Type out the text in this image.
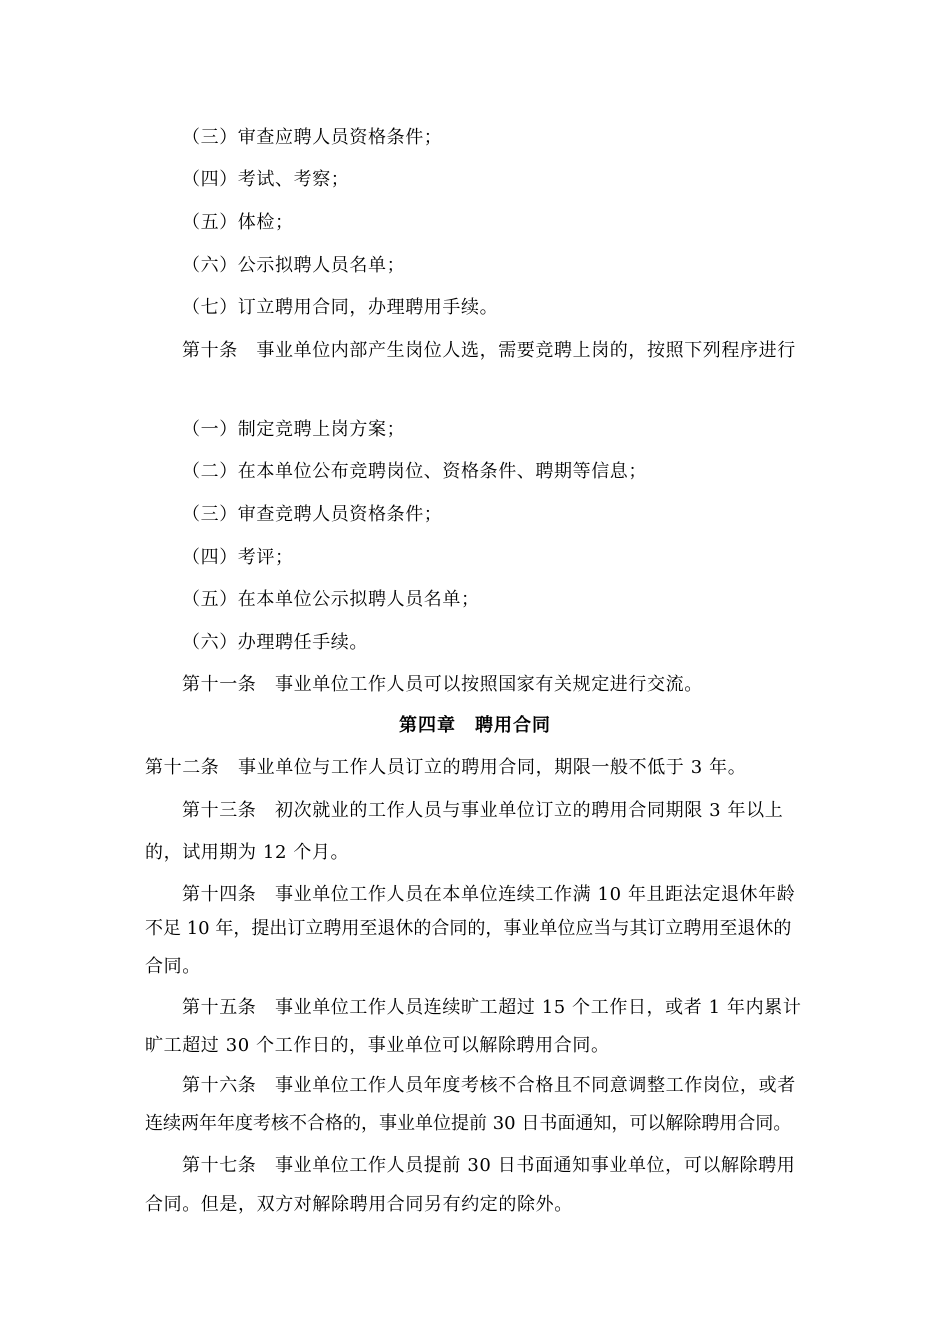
（三）审查应聘人员资格条件；
（四）考试、考察；
（五）体检；
（六）公示拟聘人员名单；
（七）订立聘用合同，办理聘用手续。
第十条　事业单位内部产生岗位人选，需要竞聘上岗的，按照下列程序进行
（一）制定竞聘上岗方案；
（二）在本单位公布竞聘岗位、资格条件、聘期等信息；
（三）审查竞聘人员资格条件；
（四）考评；
（五）在本单位公示拟聘人员名单；
（六）办理聘任手续。
第十一条　事业单位工作人员可以按照国家有关规定进行交流。
第四章　聘用合同
第十二条　事业单位与工作人员订立的聘用合同，期限一般不低于 3 年。
第十三条　初次就业的工作人员与事业单位订立的聘用合同期限 3 年以上
的，试用期为 12 个月。
第十四条　事业单位工作人员在本单位连续工作满 10 年且距法定退休年龄
不足 10 年，提出订立聘用至退休的合同的，事业单位应当与其订立聘用至退休的
合同。
第十五条　事业单位工作人员连续旷工超过 15 个工作日，或者 1 年内累计
旷工超过 30 个工作日的，事业单位可以解除聘用合同。
第十六条　事业单位工作人员年度考核不合格且不同意调整工作岗位，或者
连续两年年度考核不合格的，事业单位提前 30 日书面通知，可以解除聘用合同。
第十七条　事业单位工作人员提前 30 日书面通知事业单位，可以解除聘用
合同。但是，双方对解除聘用合同另有约定的除外。
